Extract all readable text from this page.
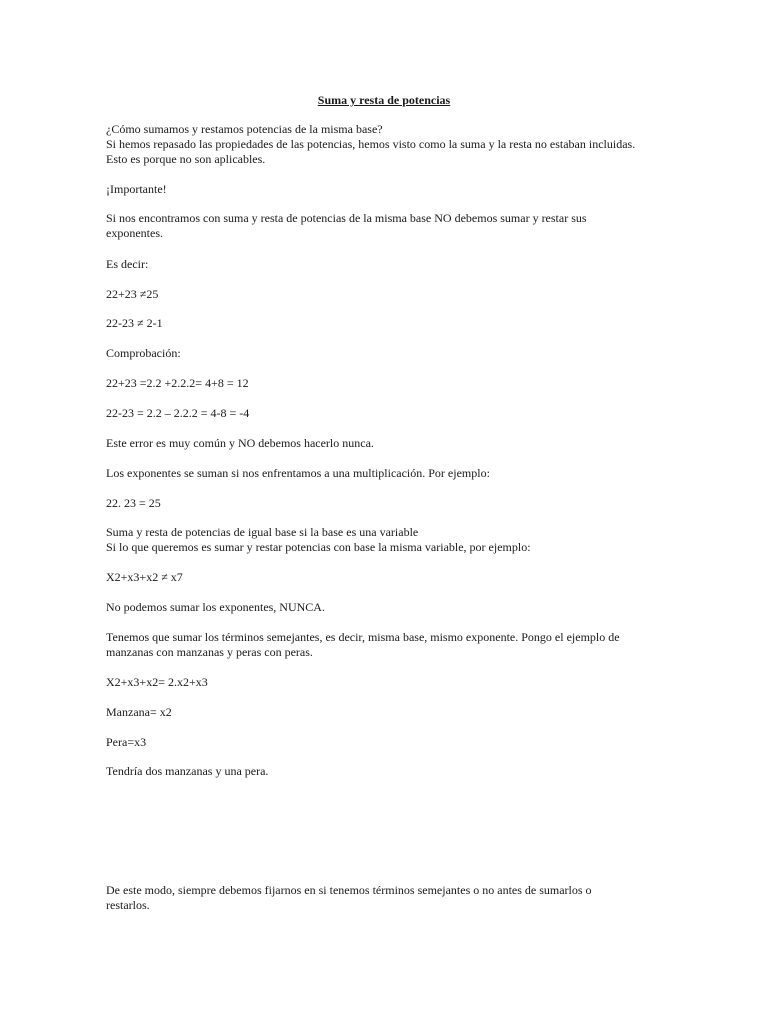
Suma y resta de potencias

¿Cómo sumamos y restamos potencias de la misma base?
Si hemos repasado las propiedades de las potencias, hemos visto como la suma y la resta no estaban incluidas.
Esto es porque no son aplicables.

¡Importante!

Si nos encontramos con suma y resta de potencias de la misma base NO debemos sumar y restar sus
exponentes.

Es decir:

22+23 ≠25

22-23 ≠ 2-1

Comprobación:

22+23 =2.2 +2.2.2= 4+8 = 12

22-23 = 2.2 – 2.2.2 = 4-8 = -4

Este error es muy común y NO debemos hacerlo nunca.

Los exponentes se suman si nos enfrentamos a una multiplicación. Por ejemplo:

22. 23 = 25

Suma y resta de potencias de igual base si la base es una variable
Si lo que queremos es sumar y restar potencias con base la misma variable, por ejemplo:

X2+x3+x2 ≠ x7

No podemos sumar los exponentes, NUNCA.

Tenemos que sumar los términos semejantes, es decir, misma base, mismo exponente. Pongo el ejemplo de
manzanas con manzanas y peras con peras.

X2+x3+x2= 2.x2+x3

Manzana= x2

Pera=x3

Tendría dos manzanas y una pera.

De este modo, siempre debemos fijarnos en si tenemos términos semejantes o no antes de sumarlos o
restarlos.
